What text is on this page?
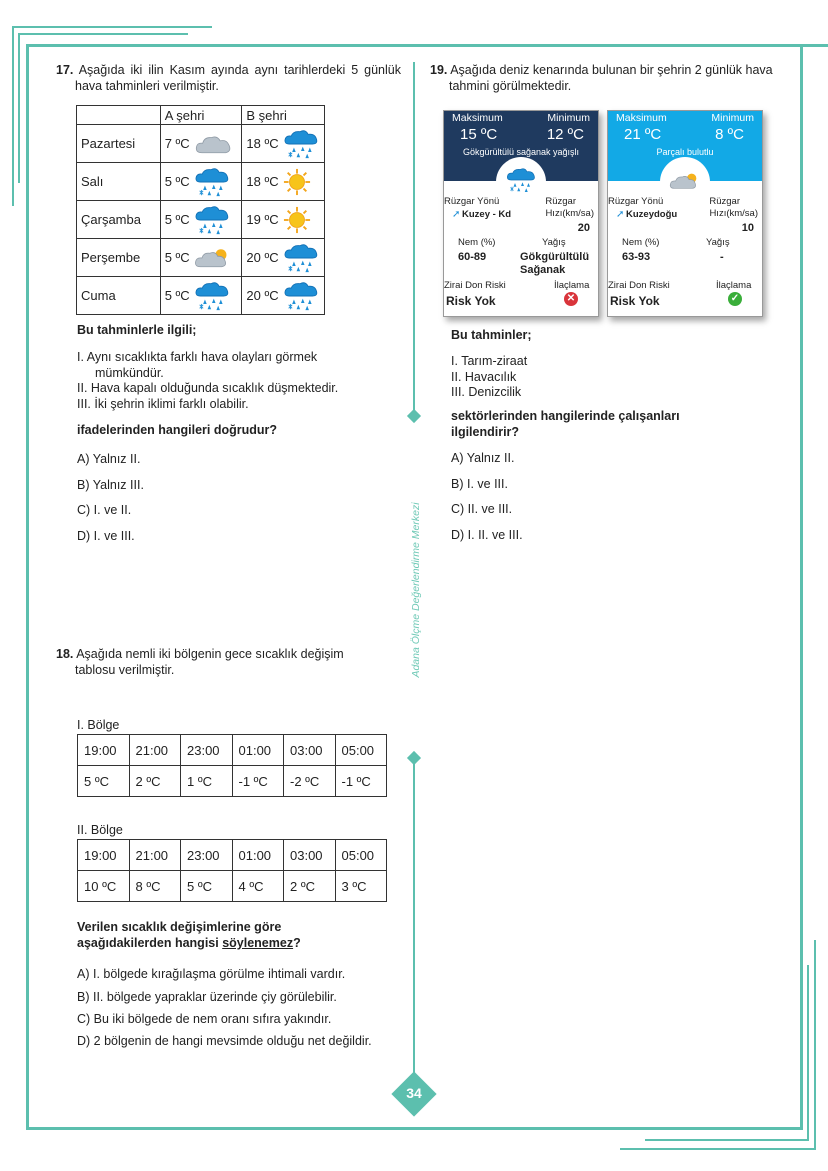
Adana Ölçme Değerlendirme Merkezi
34
17. Aşağıda iki ilin Kasım ayında aynı tarihlerdeki 5 günlük hava tahminleri verilmiştir.
	A şehri	B şehri
Pazartesi	7 ºC	18 ºC

Salı	5 ºC	18 ºC

Çarşamba	5 ºC	19 ºC

Perşembe	5 ºC	20 ºC

Cuma	5 ºC	20 ºC
Bu tahminlerle ilgili;
I. Aynı sıcaklıkta farklı hava olayları görmek mümkündür.
II. Hava kapalı olduğunda sıcaklık düşmektedir.
III. İki şehrin iklimi farklı olabilir.
ifadelerinden hangileri doğrudur?
A) Yalnız II.
B) Yalnız III.
C) I. ve II.
D) I. ve III.
18. Aşağıda nemli iki bölgenin gece sıcaklık değişim tablosu verilmiştir.
I. Bölge
19:00	21:00	23:00	01:00	03:00	05:00
5 ºC	2 ºC	1 ºC	-1 ºC	-2 ºC	-1 ºC
II. Bölge
19:00	21:00	23:00	01:00	03:00	05:00
10 ºC	8 ºC	5 ºC	4 ºC	2 ºC	3 ºC
Verilen sıcaklık değişimlerine göre
aşağıdakilerden hangisi söylenemez?
A) I. bölgede kırağılaşma görülme ihtimali vardır.
B) II. bölgede yapraklar üzerinde çiy görülebilir.
C) Bu iki bölgede de nem oranı sıfıra yakındır.
D) 2 bölgenin de hangi mevsimde olduğu net değildir.
19. Aşağıda deniz kenarında bulunan bir şehrin 2 günlük hava tahmini görülmektedir.
Maksimum	Minimum
15 ºC	12 ºC
Gökgürültülü sağanak yağışlı
Rüzgar Yönü	Rüzgar
Hızı(km/sa)
➚ Kuzey - Kd
20
Nem (%)	Yağış
60-89	Gökgürültülü
Sağanak
Zirai Don Riski	İlaçlama
Risk Yok	✕
Maksimum	Minimum
21 ºC	8 ºC
Parçalı bulutlu
Rüzgar Yönü	Rüzgar
Hızı(km/sa)
➚ Kuzeydoğu
10
Nem (%)	Yağış
63-93	-
Zirai Don Riski	İlaçlama
Risk Yok	✓
Bu tahminler;
I. Tarım-ziraat
II. Havacılık
III. Denizcilik
sektörlerinden hangilerinde çalışanları ilgilendirir?
A) Yalnız II.
B) I. ve III.
C) II. ve III.
D) I. II. ve III.
